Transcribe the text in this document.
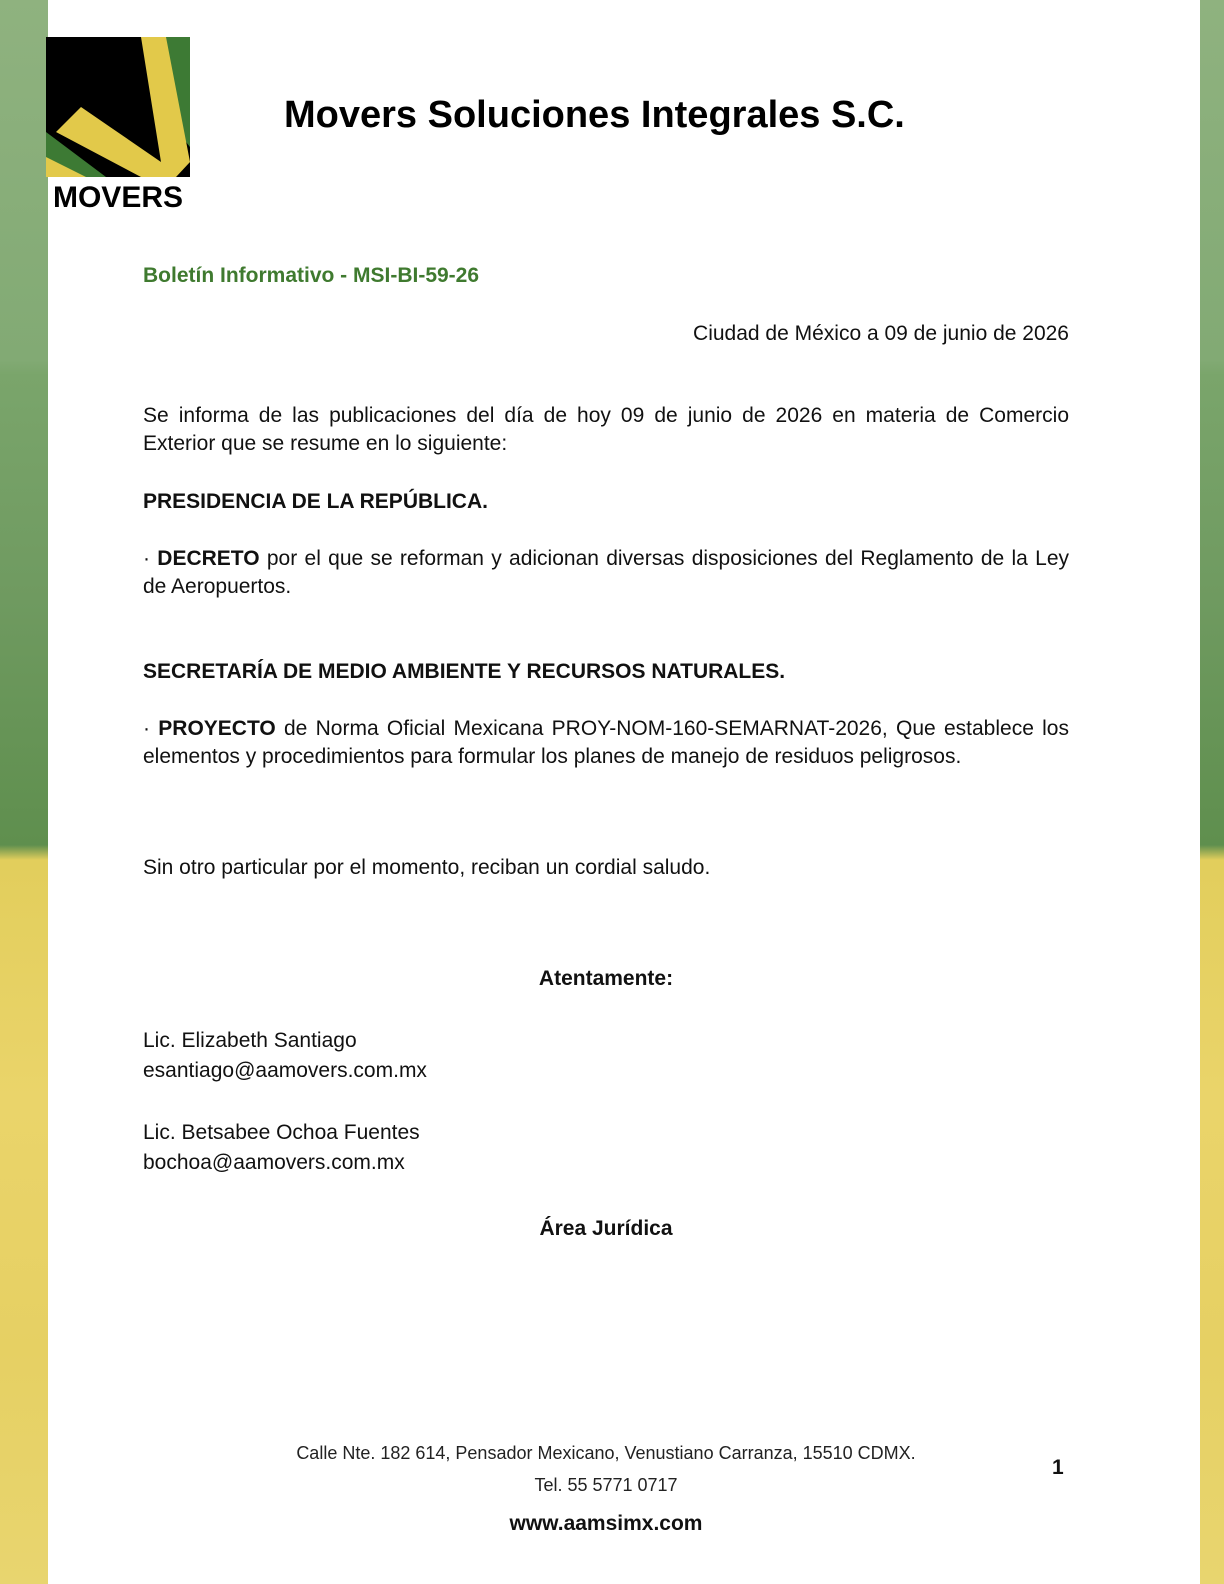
MOVERS
Movers Soluciones Integrales S.C.
Boletín Informativo - MSI-BI-59-26
Ciudad de México a 09 de junio de 2026
Se informa de las publicaciones del día de hoy 09 de junio de 2026 en materia de Comercio Exterior que se resume en lo siguiente:
PRESIDENCIA DE LA REPÚBLICA.
· DECRETO por el que se reforman y adicionan diversas disposiciones del Reglamento de la Ley de Aeropuertos.
SECRETARÍA DE MEDIO AMBIENTE Y RECURSOS NATURALES.
· PROYECTO de Norma Oficial Mexicana PROY-NOM-160-SEMARNAT-2026, Que establece los elementos y procedimientos para formular los planes de manejo de residuos peligrosos.
Sin otro particular por el momento, reciban un cordial saludo.
Atentamente:
Lic. Elizabeth Santiago
esantiago@aamovers.com.mx
Lic. Betsabee Ochoa Fuentes
bochoa@aamovers.com.mx
Área Jurídica
Calle Nte. 182 614, Pensador Mexicano, Venustiano Carranza, 15510 CDMX.
Tel. 55 5771 0717
www.aamsimx.com
1
